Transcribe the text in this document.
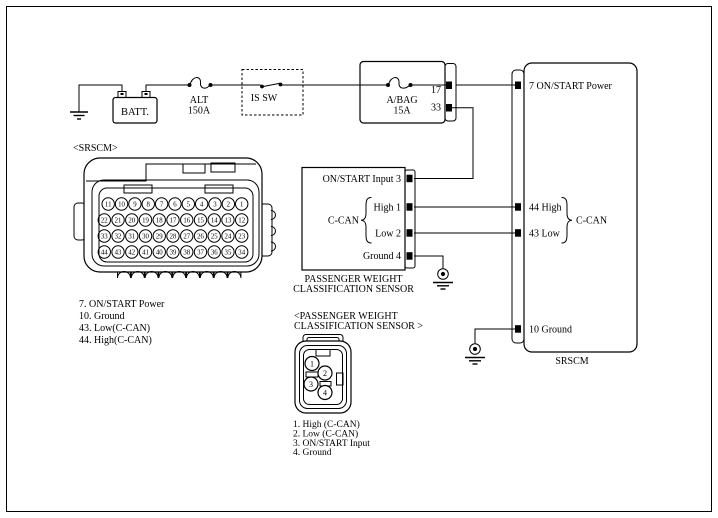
BATT.
ALT
150A
IS SW	A/BAG
15A
17
33
7 ON/START Power
44 High
43 Low
C-CAN
10 Ground
SRSCM
ON/START Input 3
High 1
Low 2
C-CAN
Ground 4
PASSENGER WEIGHT
CLASSIFICATION SENSOR
<SRSCM>
11 10 9 8 7 6 5 4 3 2 1
22 21 20 19 18 17 16 15 14 13 12
33 32 31 30 29 28 27 26 25 24 23
44 43 42 41 40 39 38 37 36 35 34
7. ON/START Power
10. Ground
43. Low(C-CAN)
44. High(C-CAN)
<PASSENGER WEIGHT
CLASSIFICATION SENSOR >
1
2
3
4
1. High (C-CAN)
2. Low (C-CAN)
3. ON/START Input
4. Ground
